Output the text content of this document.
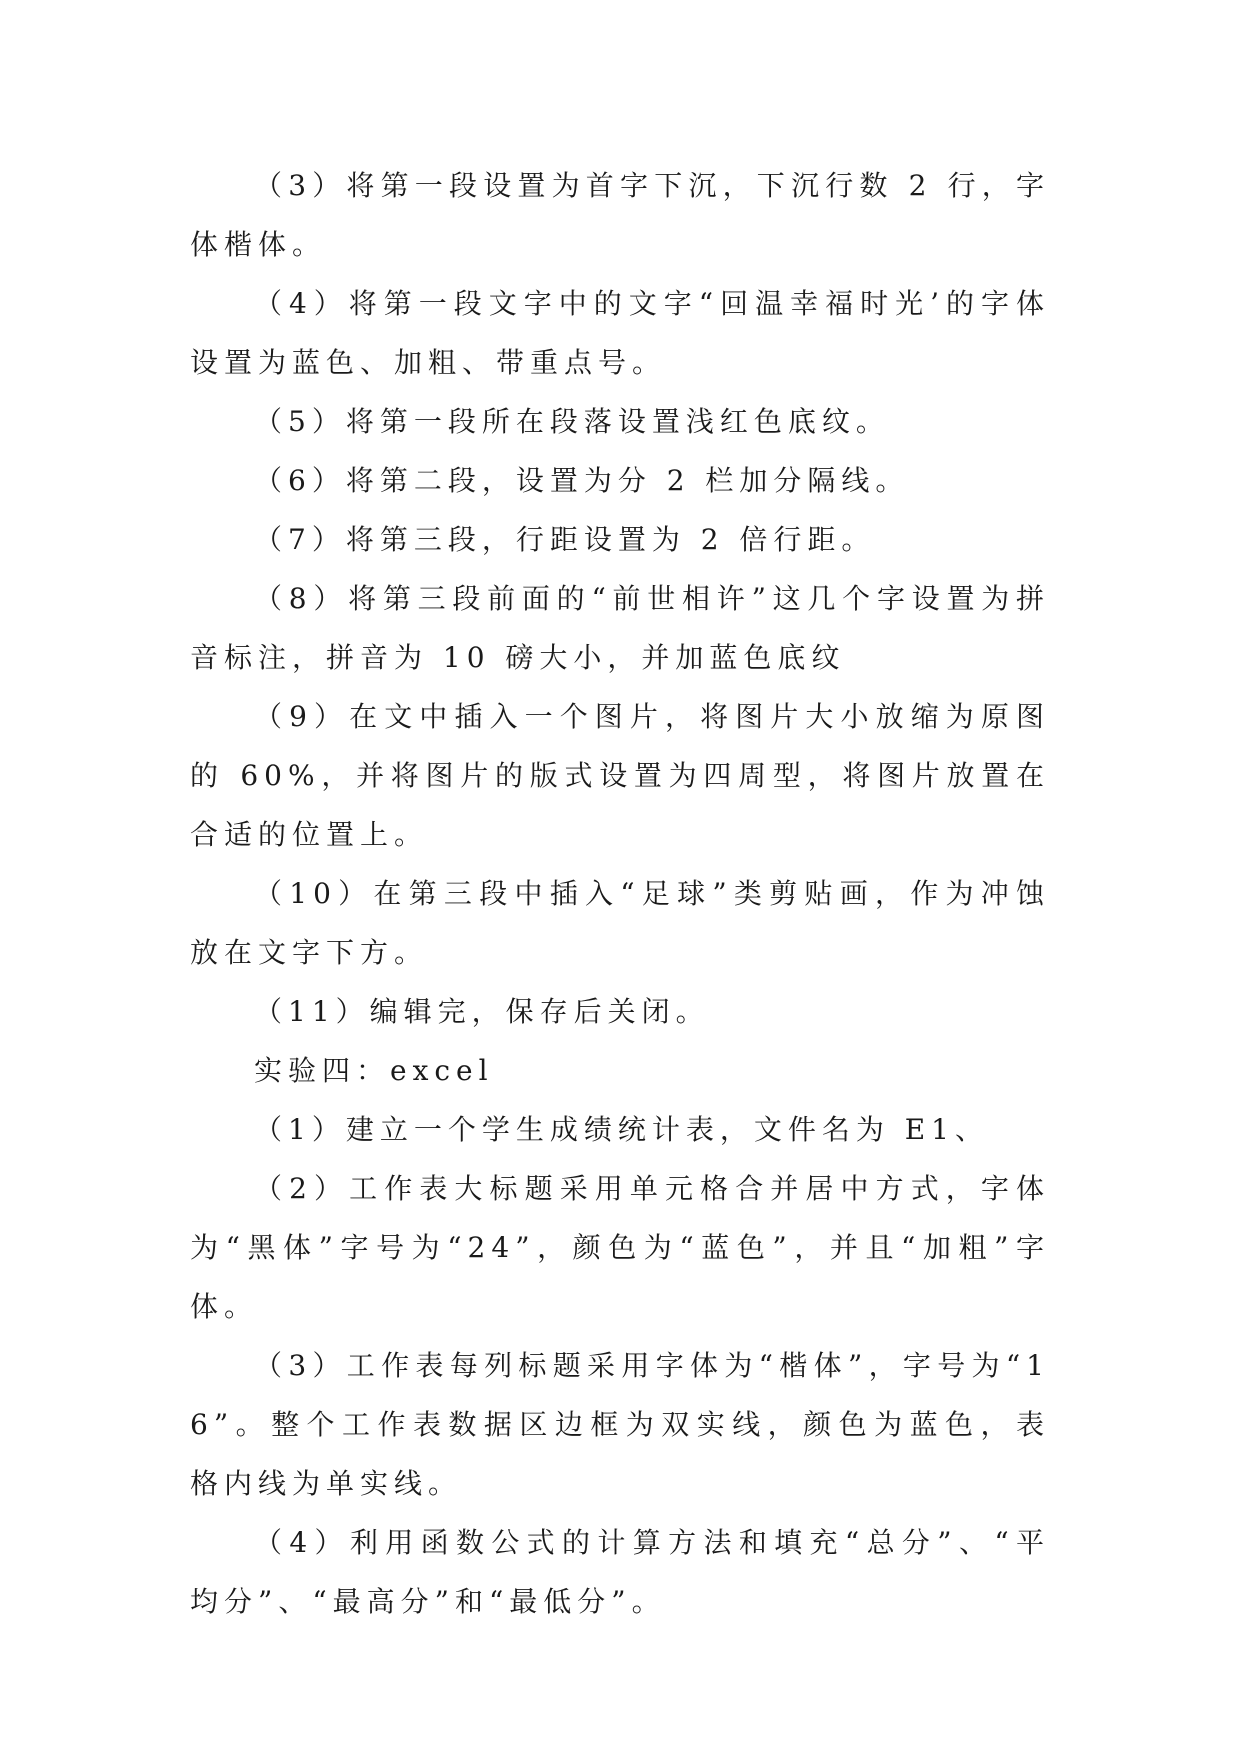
（3）将第一段设置为首字下沉，下沉行数 2 行，字体楷体。

（4）将第一段文字中的文字“回温幸福时光’的字体设置为蓝色、加粗、带重点号。

（5）将第一段所在段落设置浅红色底纹。

（6）将第二段，设置为分 2 栏加分隔线。

（7）将第三段，行距设置为 2 倍行距。

（8）将第三段前面的“前世相许”这几个字设置为拼音标注，拼音为 10 磅大小，并加蓝色底纹

（9）在文中插入一个图片，将图片大小放缩为原图的 60%，并将图片的版式设置为四周型，将图片放置在合适的位置上。

（10）在第三段中插入“足球”类剪贴画，作为冲蚀放在文字下方。

（11）编辑完，保存后关闭。

实验四：excel

（1）建立一个学生成绩统计表，文件名为 E1、

（2）工作表大标题采用单元格合并居中方式，字体为“黑体”字号为“24”，颜色为“蓝色”，并且“加粗”字体。

（3）工作表每列标题采用字体为“楷体”，字号为“16”。整个工作表数据区边框为双实线，颜色为蓝色，表格内线为单实线。

（4）利用函数公式的计算方法和填充“总分”、“平均分”、“最高分”和“最低分”。
